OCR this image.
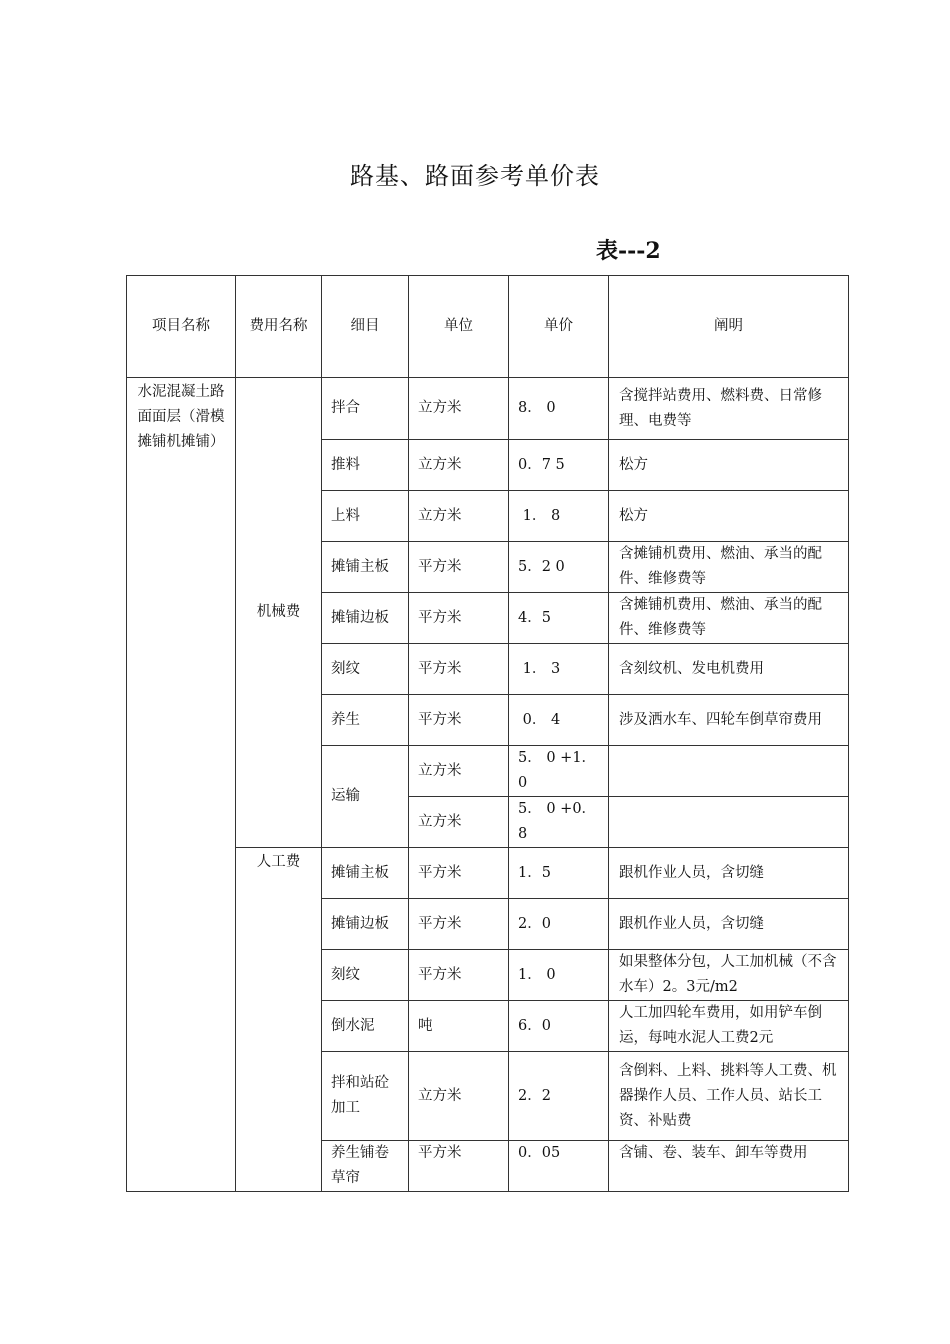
路基、路面参考单价表
表---2
项目名称	费用名称	细目	单位	单价	阐明
水泥混凝土路面面层（滑模摊铺机摊铺）	机械费	拌合	立方米	8． 0	含搅拌站费用、燃料费、日常修理、电费等
		推料	立方米	0．7 5	松方
		上料	立方米	1． 8	松方
		摊铺主板	平方米	5．2 0	含摊铺机费用、燃油、承当的配件、维修费等
		摊铺边板	平方米	4．5	含摊铺机费用、燃油、承当的配件、维修费等
		刻纹	平方米	1． 3	含刻纹机、发电机费用
		养生	平方米	0． 4	涉及洒水车、四轮车倒草帘费用
		运输	立方米	5． 0 +1． 0	
			立方米	5． 0 +0．8	
	人工费	摊铺主板	平方米	1．5	跟机作业人员，含切缝
		摊铺边板	平方米	2．0	跟机作业人员，含切缝
		刻纹	平方米	1． 0	如果整体分包，人工加机械（不含水车）2。3元/m2
		倒水泥	吨	6．0	人工加四轮车费用，如用铲车倒运，每吨水泥人工费2元
		拌和站砼加工	立方米	2．2	含倒料、上料、挑料等人工费、机器操作人员、工作人员、站长工资、补贴费
		养生铺卷草帘	平方米	0．05	含铺、卷、装车、卸车等费用
